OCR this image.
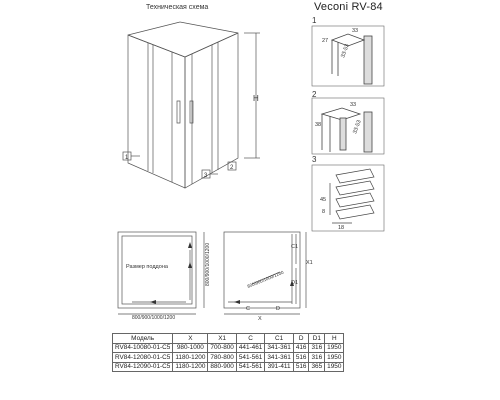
Техническая схема	Veconi RV-84
H
1
2
3
1
27
33
33-53
2
33
38	33-53
3
45
8
18
Размер поддона	800/900/1000/1200
800/900/1000/1200
C1
X1
D1
C	D
X
800/900/1000/1200
Модель	X	X1	C	C1	D	D1	H
RV84-10080-01-C5	980-1000	700-800	441-461	341-361	416	316	1950
RV84-12080-01-C5	1180-1200	780-800	541-561	341-361	516	316	1950
RV84-12090-01-C5	1180-1200	880-900	541-561	391-411	516	365	1950
